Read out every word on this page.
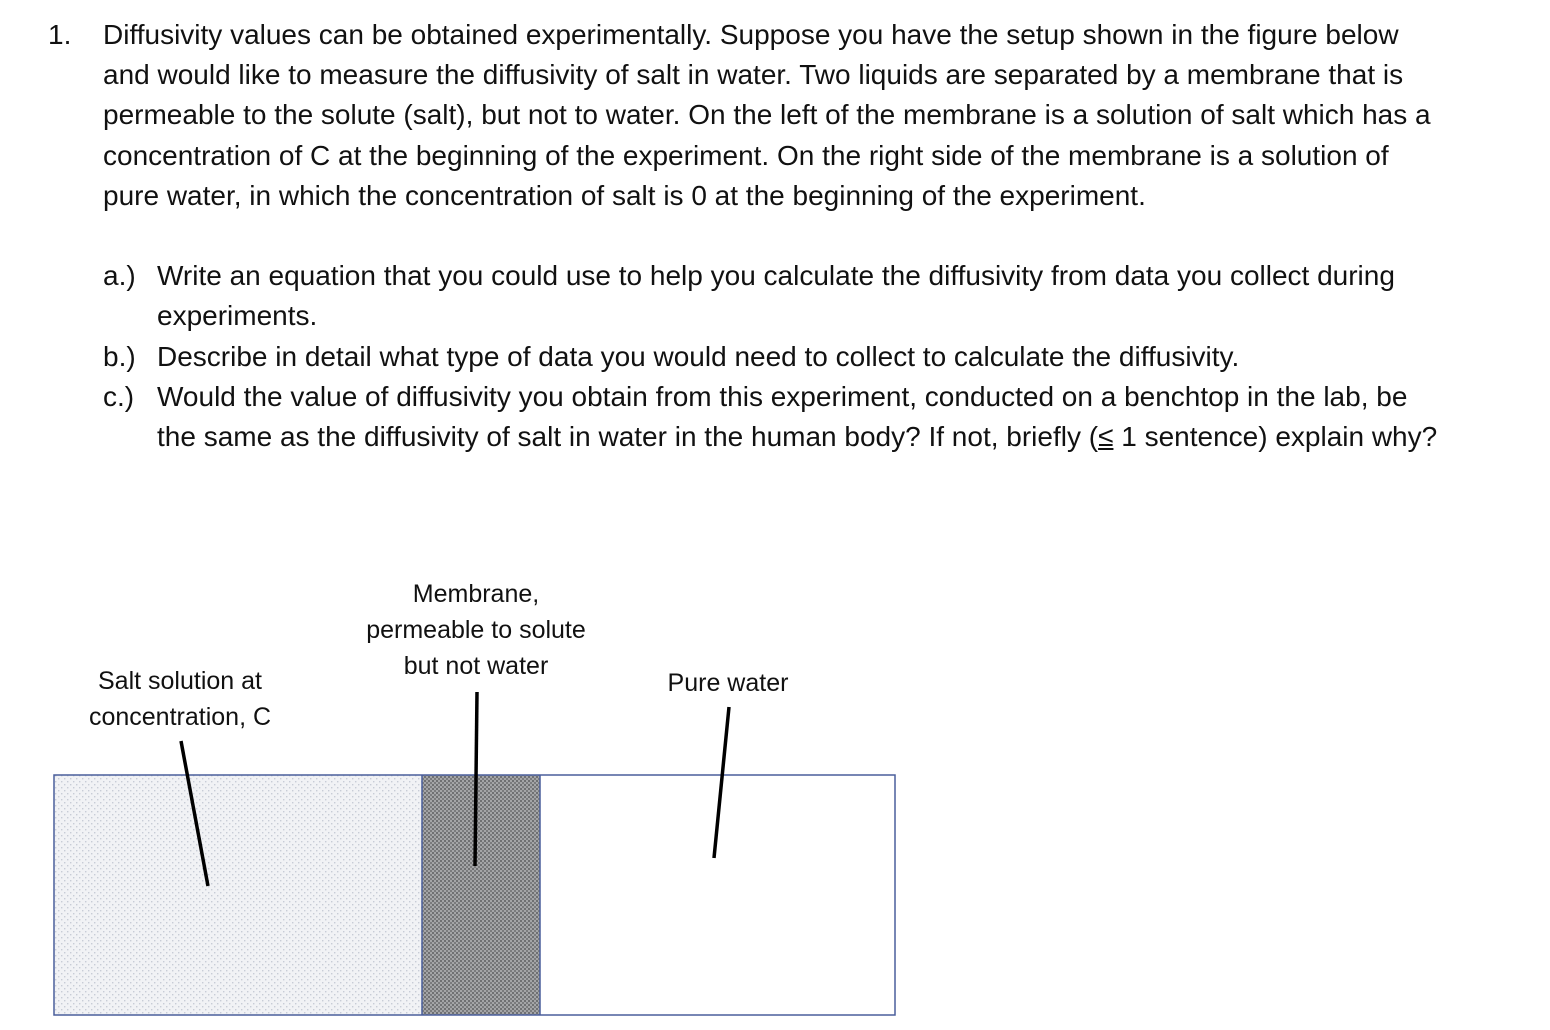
1. Diffusivity values can be obtained experimentally. Suppose you have the setup shown in the figure below and would like to measure the diffusivity of salt in water. Two liquids are separated by a membrane that is permeable to the solute (salt), but not to water. On the left of the membrane is a solution of salt which has a concentration of C at the beginning of the experiment. On the right side of the membrane is a solution of pure water, in which the concentration of salt is 0 at the beginning of the experiment.
a.) Write an equation that you could use to help you calculate the diffusivity from data you collect during experiments.
b.) Describe in detail what type of data you would need to collect to calculate the diffusivity.
c.) Would the value of diffusivity you obtain from this experiment, conducted on a benchtop in the lab, be the same as the diffusivity of salt in water in the human body? If not, briefly (≤ 1 sentence) explain why?
Salt solution at
concentration, C
Membrane,
permeable to solute
but not water
Pure water
